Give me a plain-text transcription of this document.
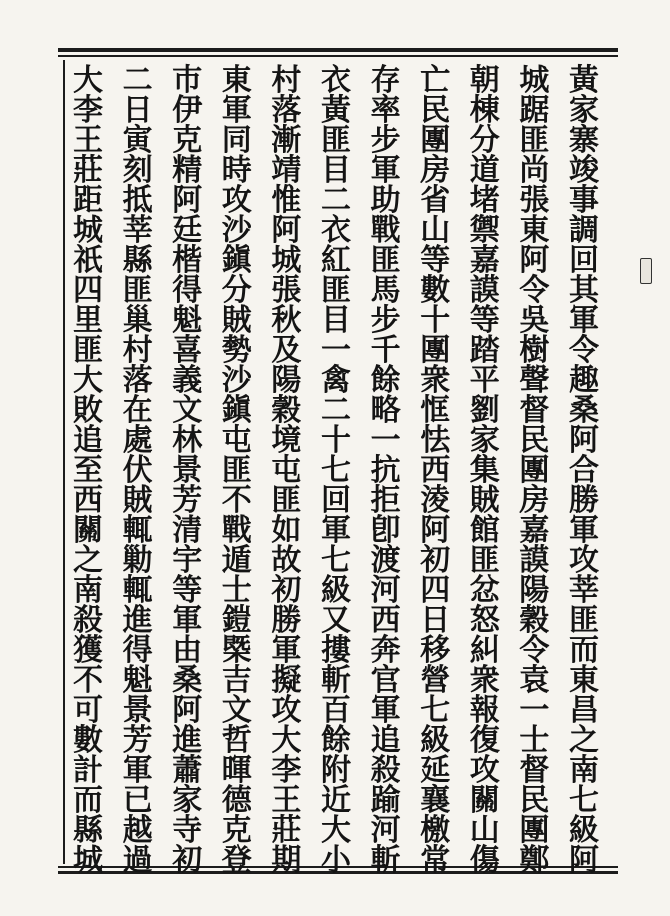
黃
家
寨
竣
事
調
回
其
軍
令
趣
桑
阿
合
勝
軍
攻
莘
匪
而
東
昌
之
南
七
級
阿
城
踞
匪
尚
張
東
阿
令
吳
樹
聲
督
民
團
房
嘉
謨
陽
穀
令
袁
一
士
督
民
團
鄭
朝
棟
分
道
堵
禦
嘉
謨
等
踏
平
劉
家
集
賊
館
匪
忿
怒
糾
衆
報
復
攻
關
山
傷
亡
民
團
房
省
山
等
數
十
團
衆
恇
怯
西
淩
阿
初
四
日
移
營
七
級
延
襄
檄
常
存
率
步
軍
助
戰
匪
馬
步
千
餘
略
一
抗
拒
卽
渡
河
西
奔
官
軍
追
殺
踰
河
斬
衣
黃
匪
目
二
衣
紅
匪
目
一
禽
二
十
七
回
軍
七
級
又
摟
斬
百
餘
附
近
大
小
村
落
漸
靖
惟
阿
城
張
秋
及
陽
穀
境
屯
匪
如
故
初
勝
軍
擬
攻
大
李
王
莊
期
東
軍
同
時
攻
沙
鎭
分
賊
勢
沙
鎭
屯
匪
不
戰
遁
士
鎧
㮣
吉
文
哲
暉
德
克
登
巿
伊
克
精
阿
廷
楷
得
魁
喜
義
文
林
景
芳
清
宇
等
軍
由
桑
阿
進
蕭
家
寺
初
二
日
寅
刻
抵
莘
縣
匪
巢
村
落
在
處
伏
賊
輒
勦
輒
進
得
魁
景
芳
軍
已
越
過
大
李
王
莊
距
城
祇
四
里
匪
大
敗
追
至
西
關
之
南
殺
獲
不
可
數
計
而
縣
城
